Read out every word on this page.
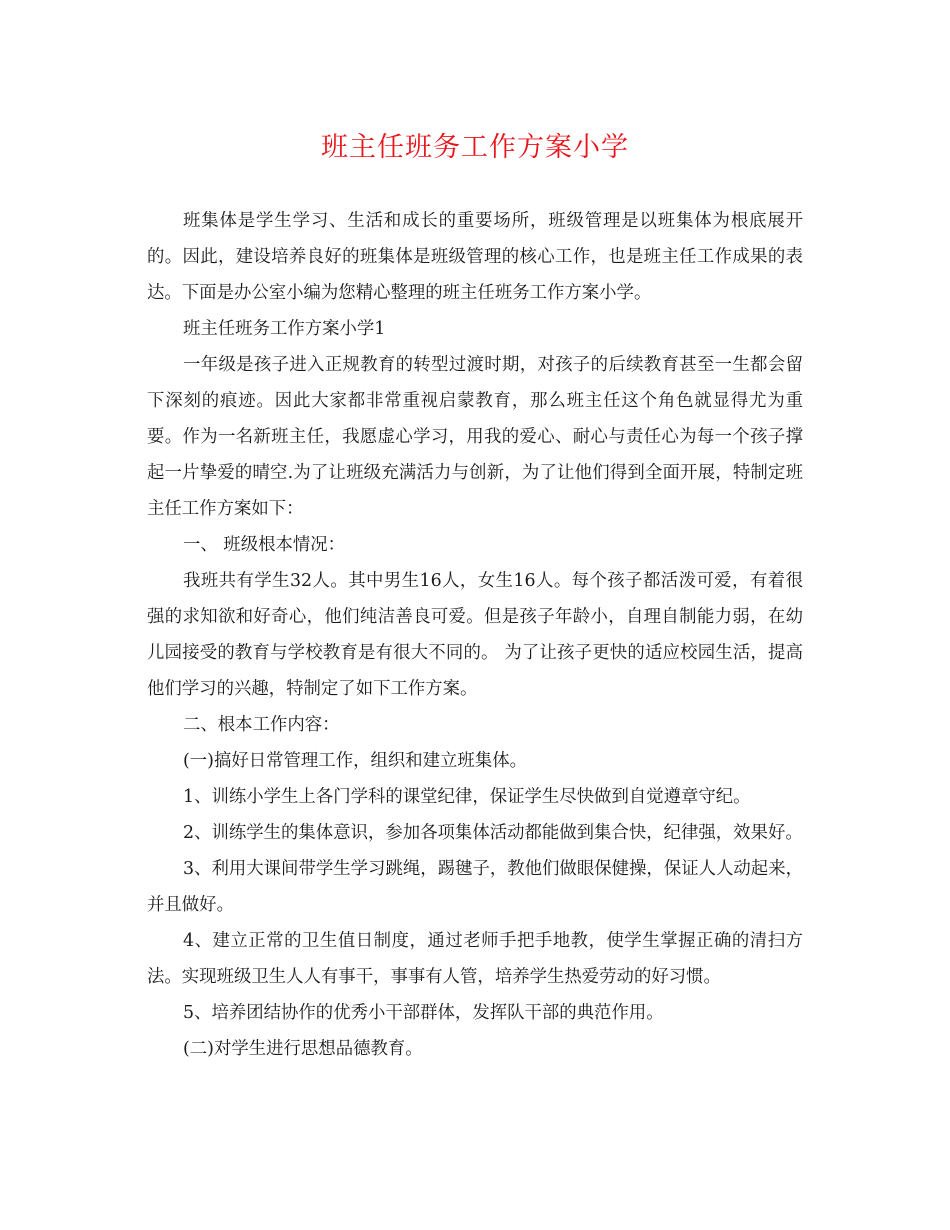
班主任班务工作方案小学

班集体是学生学习、生活和成长的重要场所，班级管理是以班集体为根底展开的。因此，建设培养良好的班集体是班级管理的核心工作，也是班主任工作成果的表达。下面是办公室小编为您精心整理的班主任班务工作方案小学。

班主任班务工作方案小学1

一年级是孩子进入正规教育的转型过渡时期，对孩子的后续教育甚至一生都会留下深刻的痕迹。因此大家都非常重视启蒙教育，那么班主任这个角色就显得尤为重要。作为一名新班主任，我愿虚心学习，用我的爱心、耐心与责任心为每一个孩子撑起一片挚爱的晴空.为了让班级充满活力与创新，为了让他们得到全面开展，特制定班主任工作方案如下：

一、 班级根本情况：

我班共有学生32人。其中男生16人，女生16人。每个孩子都活泼可爱，有着很强的求知欲和好奇心，他们纯洁善良可爱。但是孩子年龄小，自理自制能力弱，在幼儿园接受的教育与学校教育是有很大不同的。 为了让孩子更快的适应校园生活，提高他们学习的兴趣，特制定了如下工作方案。

二、根本工作内容：

(一)搞好日常管理工作，组织和建立班集体。

1、训练小学生上各门学科的课堂纪律，保证学生尽快做到自觉遵章守纪。

2、训练学生的集体意识，参加各项集体活动都能做到集合快，纪律强，效果好。

3、利用大课间带学生学习跳绳，踢毽子，教他们做眼保健操，保证人人动起来，并且做好。

4、建立正常的卫生值日制度，通过老师手把手地教，使学生掌握正确的清扫方法。实现班级卫生人人有事干，事事有人管，培养学生热爱劳动的好习惯。

5、培养团结协作的优秀小干部群体，发挥队干部的典范作用。

(二)对学生进行思想品德教育。
